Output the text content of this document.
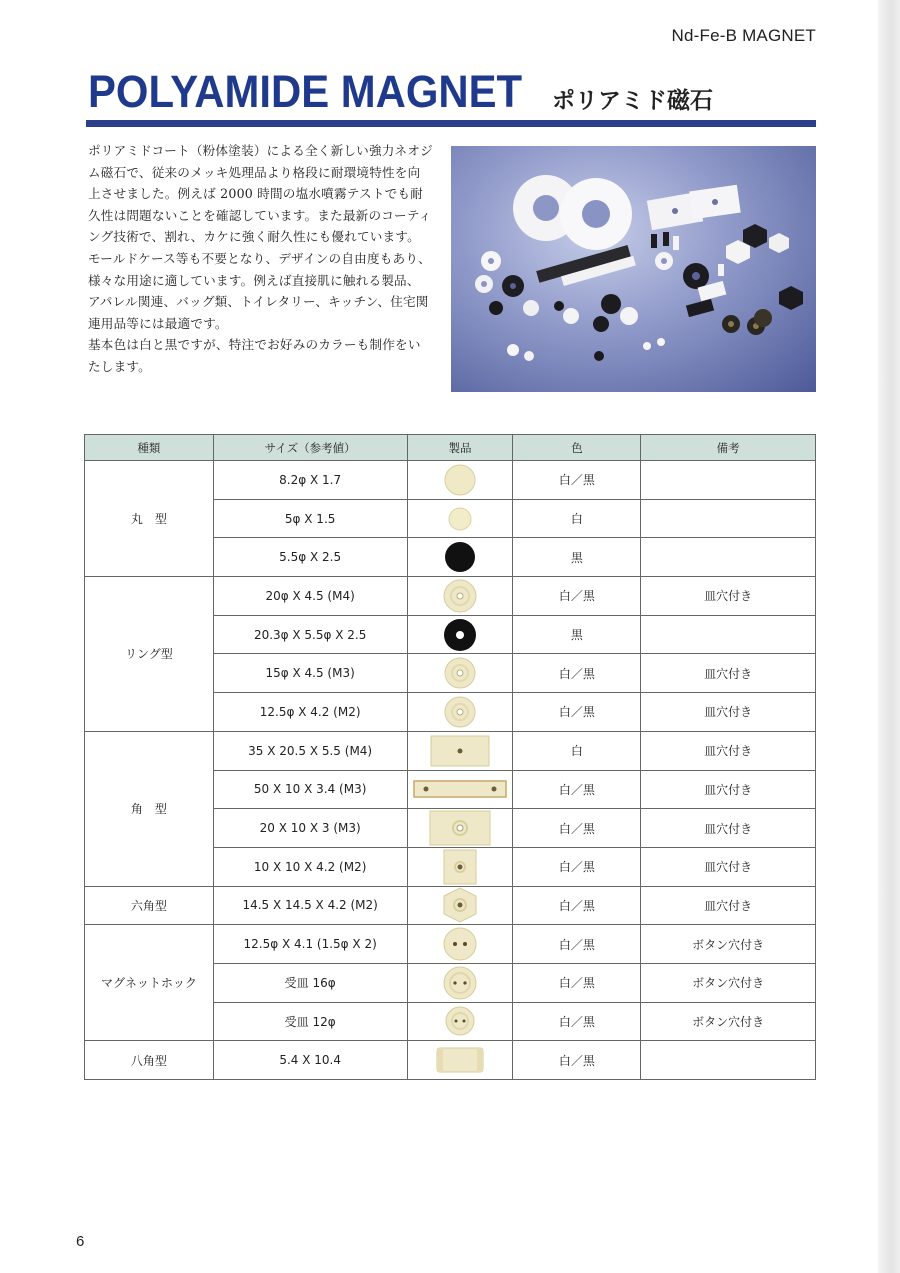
Nd-Fe-B MAGNET
POLYAMIDE MAGNET ポリアミド磁石
ポリアミドコート（粉体塗装）による全く新しい強力ネオジ
ム磁石で、従来のメッキ処理品より格段に耐環境特性を向
上させました。例えば 2000 時間の塩水噴霧テストでも耐
久性は問題ないことを確認しています。また最新のコーティ
ング技術で、割れ、カケに強く耐久性にも優れています。
モールドケース等も不要となり、デザインの自由度もあり、
様々な用途に適しています。例えば直接肌に触れる製品、
アパレル関連、バッグ類、トイレタリー、キッチン、住宅関
連用品等には最適です。
基本色は白と黒ですが、特注でお好みのカラーも制作をい
たします。
種類	サイズ（参考値）	製品	色	備考
丸　型	8.2φ X 1.7		白／黒	
	5φ X 1.5		白	
	5.5φ X 2.5		黒	
リング型	20φ X 4.5 (M4)		白／黒	皿穴付き
	20.3φ X 5.5φ X 2.5		黒	
	15φ X 4.5 (M3)		白／黒	皿穴付き
	12.5φ X 4.2 (M2)		白／黒	皿穴付き
角　型	35 X 20.5 X 5.5 (M4)		白	皿穴付き
	50 X 10 X 3.4 (M3)		白／黒	皿穴付き
	20 X 10 X 3 (M3)		白／黒	皿穴付き
	10 X 10 X 4.2 (M2)		白／黒	皿穴付き
六角型	14.5 X 14.5 X 4.2 (M2)		白／黒	皿穴付き
マグネットホック	12.5φ X 4.1 (1.5φ X 2)		白／黒	ボタン穴付き
	受皿 16φ		白／黒	ボタン穴付き
	受皿 12φ		白／黒	ボタン穴付き
八角型	5.4 X 10.4		白／黒	
6
